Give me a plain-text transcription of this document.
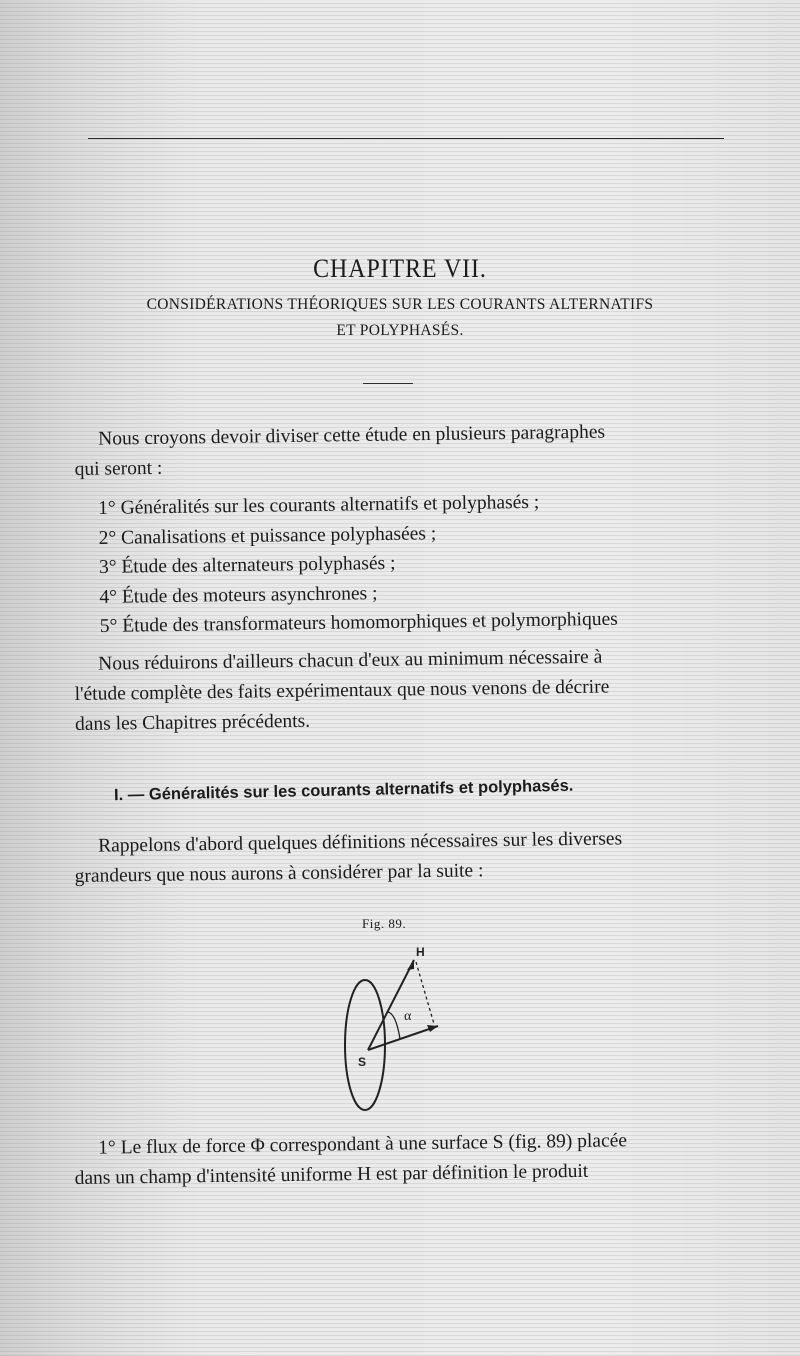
CHAPITRE VII.
CONSIDÉRATIONS THÉORIQUES SUR LES COURANTS ALTERNATIFS
ET POLYPHASÉS.
Nous croyons devoir diviser cette étude en plusieurs paragraphes
qui seront :
1° Généralités sur les courants alternatifs et polyphasés ;
2° Canalisations et puissance polyphasées ;
3° Étude des alternateurs polyphasés ;
4° Étude des moteurs asynchrones ;
5° Étude des transformateurs homomorphiques et polymorphiques
Nous réduirons d'ailleurs chacun d'eux au minimum nécessaire à
l'étude complète des faits expérimentaux que nous venons de décrire
dans les Chapitres précédents.
I. — Généralités sur les courants alternatifs et polyphasés.
Rappelons d'abord quelques définitions nécessaires sur les diverses
grandeurs que nous aurons à considérer par la suite :
Fig. 89.
H
S
α
1° Le flux de force Φ correspondant à une surface S (fig. 89) placée
dans un champ d'intensité uniforme H est par définition le produit
